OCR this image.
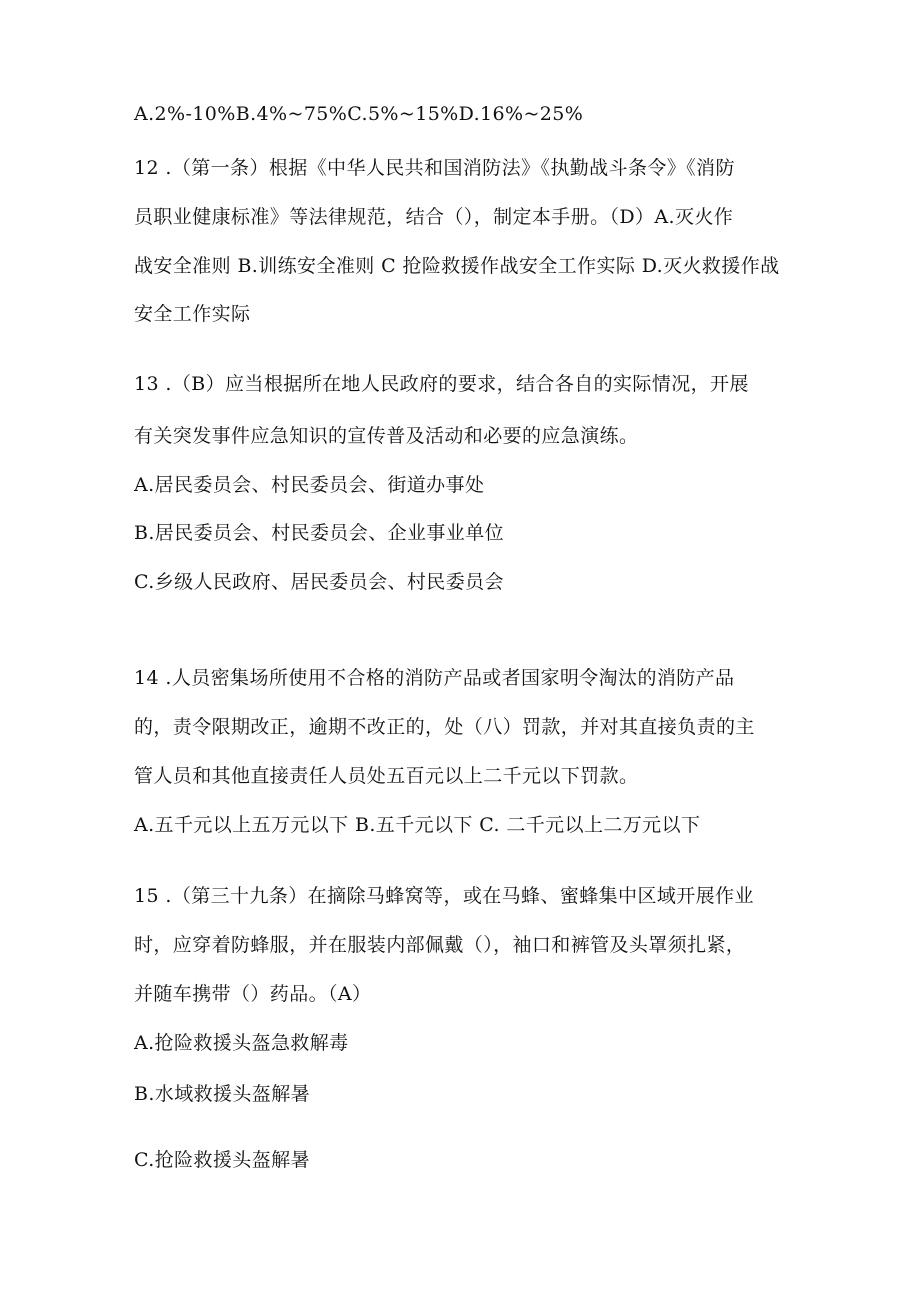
A.2%-10%B.4%~75%C.5%~15%D.16%~25%
12 .（第一条）根据《中华人民共和国消防法》《执勤战斗条令》《消防
员职业健康标准》等法律规范，结合（），制定本手册。（D）A.灭火作
战安全准则 B.训练安全准则 C 抢险救援作战安全工作实际 D.灭火救援作战
安全工作实际
13 .（B）应当根据所在地人民政府的要求，结合各自的实际情况，开展
有关突发事件应急知识的宣传普及活动和必要的应急演练。
A.居民委员会、村民委员会、街道办事处
B.居民委员会、村民委员会、企业事业单位
C.乡级人民政府、居民委员会、村民委员会
14 .人员密集场所使用不合格的消防产品或者国家明令淘汰的消防产品
的，责令限期改正，逾期不改正的，处（八）罚款，并对其直接负责的主
管人员和其他直接责任人员处五百元以上二千元以下罚款。
A.五千元以上五万元以下 B.五千元以下 C. 二千元以上二万元以下
15 .（第三十九条）在摘除马蜂窝等，或在马蜂、蜜蜂集中区域开展作业
时，应穿着防蜂服，并在服装内部佩戴（），袖口和裤管及头罩须扎紧，
并随车携带（）药品。（A）
A.抢险救援头盔急救解毒
B.水域救援头盔解暑
C.抢险救援头盔解暑
